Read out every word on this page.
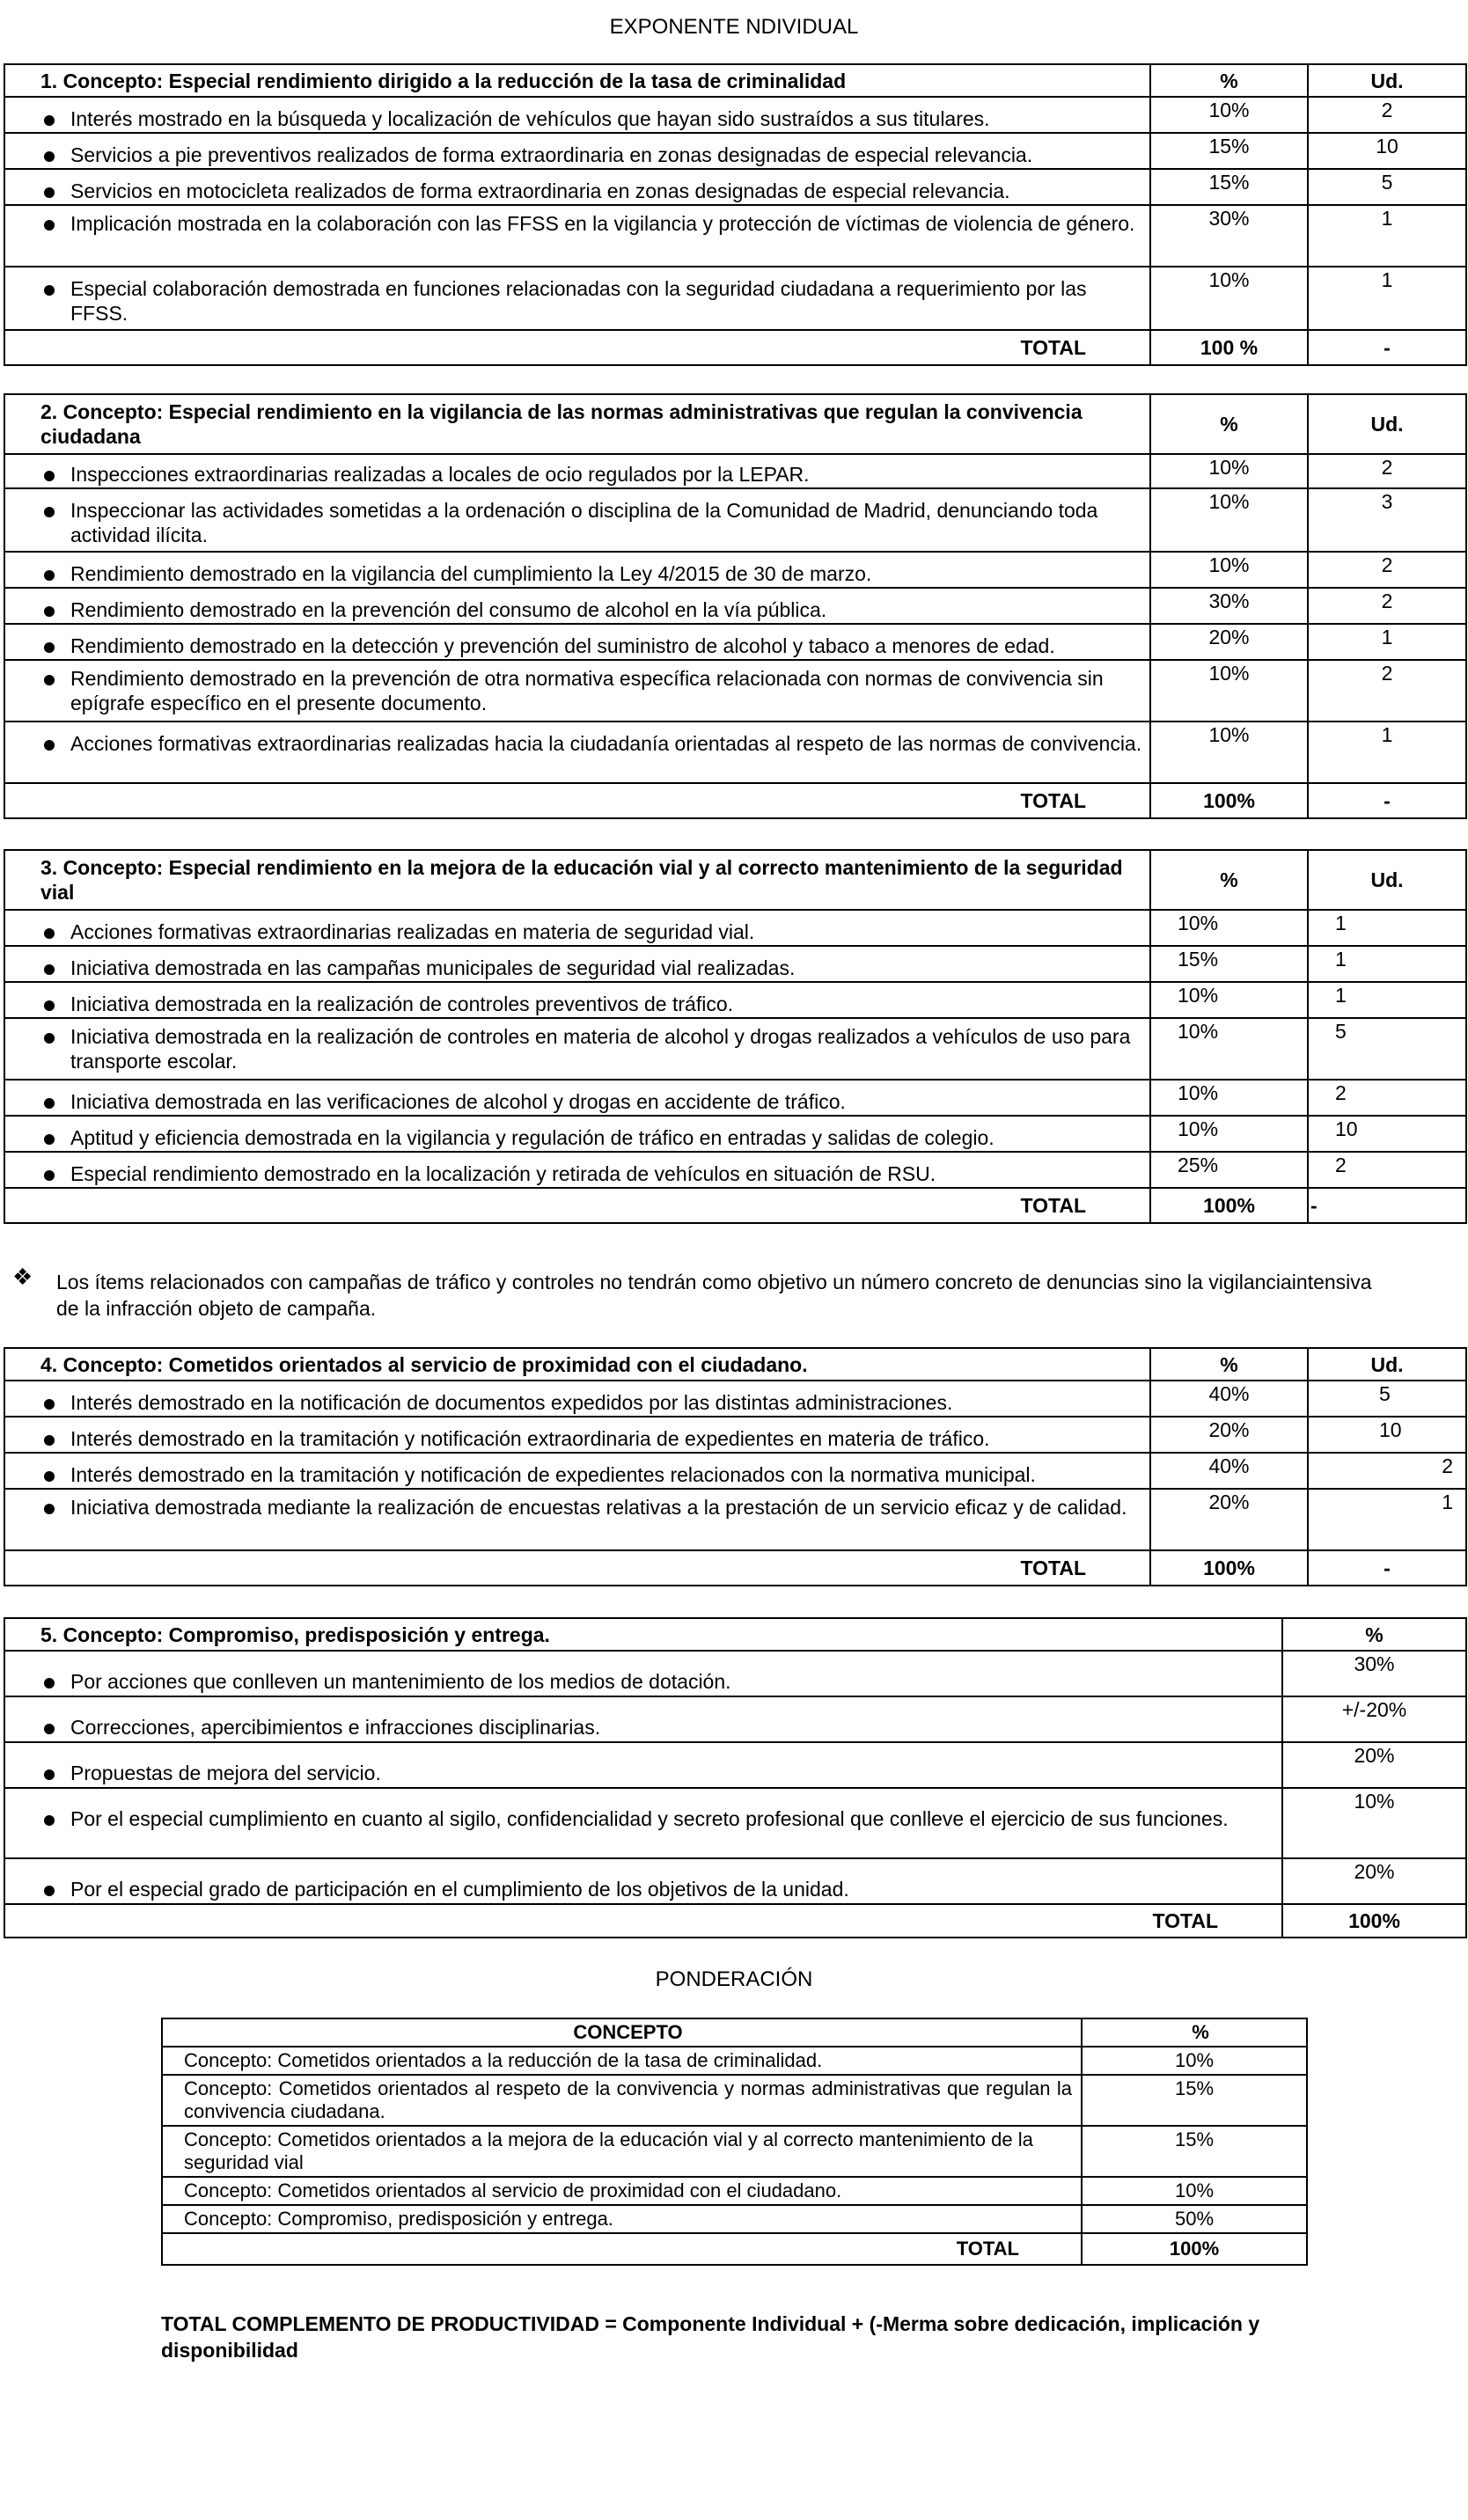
EXPONENTE NDIVIDUAL
1. Concepto: Especial rendimiento dirigido a la reducción de la tasa de criminalidad	%	Ud.

Interés mostrado en la búsqueda y localización de vehículos que hayan sido sustraídos a sus titulares.	10%	2

Servicios a pie preventivos realizados de forma extraordinaria en zonas designadas de especial relevancia.	15%	10

Servicios en motocicleta realizados de forma extraordinaria en zonas designadas de especial relevancia.	15%	5

Implicación mostrada en la colaboración con las FFSS en la vigilancia y protección de víctimas de violencia de género.	30%	1

Especial colaboración demostrada en funciones relacionadas con la seguridad ciudadana a requerimiento por las FFSS.	10%	1
TOTAL	100 %	-
2. Concepto: Especial rendimiento en la vigilancia de las normas administrativas que regulan la convivencia ciudadana	%	Ud.

Inspecciones extraordinarias realizadas a locales de ocio regulados por la LEPAR.	10%	2

Inspeccionar las actividades sometidas a la ordenación o disciplina de la Comunidad de Madrid, denunciando toda actividad ilícita.	10%	3

Rendimiento demostrado en la vigilancia del cumplimiento la Ley 4/2015 de 30 de marzo.	10%	2

Rendimiento demostrado en la prevención del consumo de alcohol en la vía pública.	30%	2

Rendimiento demostrado en la detección y prevención del suministro de alcohol y tabaco a menores de edad.	20%	1

Rendimiento demostrado en la prevención de otra normativa específica relacionada con normas de convivencia sin epígrafe específico en el presente documento.	10%	2

Acciones formativas extraordinarias realizadas hacia la ciudadanía orientadas al respeto de las normas de convivencia.	10%	1
TOTAL	100%	-
3. Concepto: Especial rendimiento en la mejora de la educación vial y al correcto mantenimiento de la seguridad vial	%	Ud.

Acciones formativas extraordinarias realizadas en materia de seguridad vial.	10%	1

Iniciativa demostrada en las campañas municipales de seguridad vial realizadas.	15%	1

Iniciativa demostrada en la realización de controles preventivos de tráfico.	10%	1

Iniciativa demostrada en la realización de controles en materia de alcohol y drogas realizados a vehículos de uso para transporte escolar.	10%	5

Iniciativa demostrada en las verificaciones de alcohol y drogas en accidente de tráfico.	10%	2

Aptitud y eficiencia demostrada en la vigilancia y regulación de tráfico en entradas y salidas de colegio.	10%	10

Especial rendimiento demostrado en la localización y retirada de vehículos en situación de RSU.	25%	2
TOTAL	100%	-
❖ Los ítems relacionados con campañas de tráfico y controles no tendrán como objetivo un número concreto de denuncias sino la vigilanciaintensiva de la infracción objeto de campaña.
4. Concepto: Cometidos orientados al servicio de proximidad con el ciudadano.	%	Ud.

Interés demostrado en la notificación de documentos expedidos por las distintas administraciones.	40%	5

Interés demostrado en la tramitación y notificación extraordinaria de expedientes en materia de tráfico.	20%	10

Interés demostrado en la tramitación y notificación de expedientes relacionados con la normativa municipal.	40%	2

Iniciativa demostrada mediante la realización de encuestas relativas a la prestación de un servicio eficaz y de calidad.	20%	1
TOTAL	100%	-
5. Concepto: Compromiso, predisposición y entrega.	%

Por acciones que conlleven un mantenimiento de los medios de dotación.	30%

Correcciones, apercibimientos e infracciones disciplinarias.	+/-20%

Propuestas de mejora del servicio.	20%

Por el especial cumplimiento en cuanto al sigilo, confidencialidad y secreto profesional que conlleve el ejercicio de sus funciones.	10%

Por el especial grado de participación en el cumplimiento de los objetivos de la unidad.	20%
TOTAL	100%
PONDERACIÓN
CONCEPTO	%
Concepto: Cometidos orientados a la reducción de la tasa de criminalidad.	10%
Concepto: Cometidos orientados al respeto de la convivencia y normas administrativas que regulan la convivencia ciudadana.	15%
Concepto: Cometidos orientados a la mejora de la educación vial y al correcto mantenimiento de la seguridad vial	15%
Concepto: Cometidos orientados al servicio de proximidad con el ciudadano.	10%
Concepto: Compromiso, predisposición y entrega.	50%
TOTAL	100%
TOTAL COMPLEMENTO DE PRODUCTIVIDAD = Componente Individual + (-Merma sobre dedicación, implicación y disponibilidad
